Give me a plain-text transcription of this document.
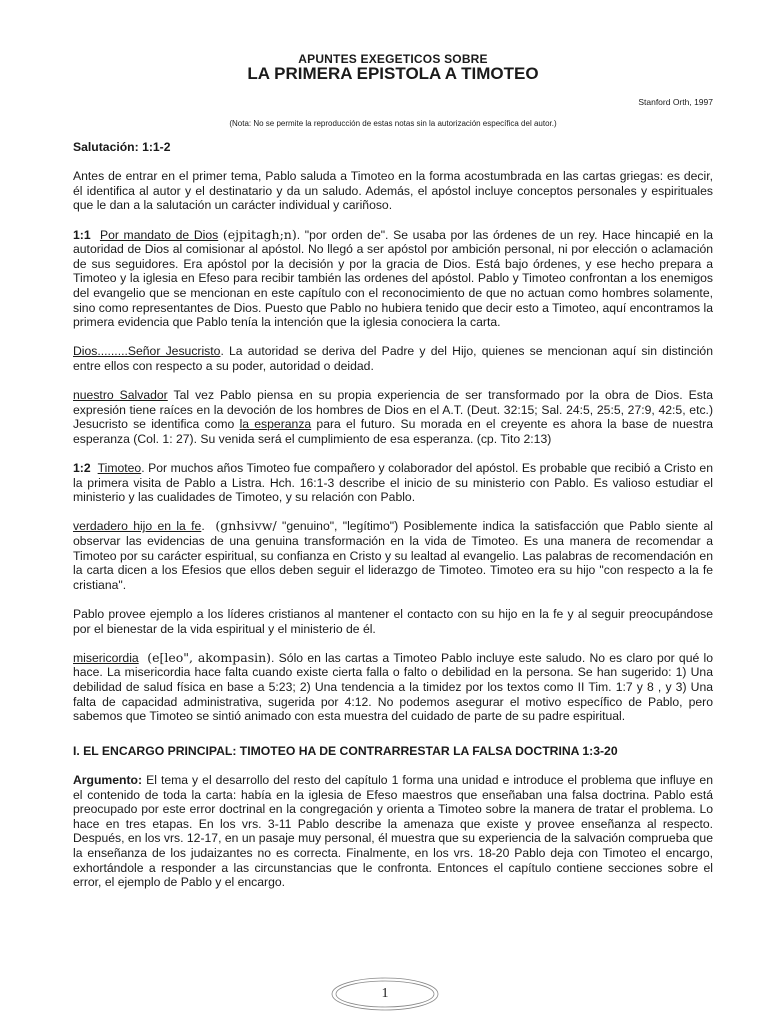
APUNTES EXEGETICOS SOBRE
LA PRIMERA EPISTOLA A TIMOTEO
Stanford Orth, 1997
(Nota: No se permite la reproducción de estas notas sin la autorización específica del autor.)

Salutación: 1:1-2

Antes de entrar en el primer tema, Pablo saluda a Timoteo en la forma acostumbrada en las cartas griegas: es decir, él identifica al autor y el destinatario y da un saludo. Además, el apóstol incluye conceptos personales y espirituales que le dan a la salutación un carácter individual y cariñoso.

1:1 Por mandato de Dios (ejpitagh;n). "por orden de". Se usaba por las órdenes de un rey. Hace hincapié en la autoridad de Dios al comisionar al apóstol. No llegó a ser apóstol por ambición personal, ni por elección o aclamación de sus seguidores. Era apóstol por la decisión y por la gracia de Dios. Está bajo órdenes, y ese hecho prepara a Timoteo y la iglesia en Efeso para recibir también las ordenes del apóstol. Pablo y Timoteo confrontan a los enemigos del evangelio que se mencionan en este capítulo con el reconocimiento de que no actuan como hombres solamente, sino como representantes de Dios. Puesto que Pablo no hubiera tenido que decir esto a Timoteo, aquí encontramos la primera evidencia que Pablo tenía la intención que la iglesia conociera la carta.

Dios.........Señor Jesucristo. La autoridad se deriva del Padre y del Hijo, quienes se mencionan aquí sin distinción entre ellos con respecto a su poder, autoridad o deidad.

nuestro Salvador Tal vez Pablo piensa en su propia experiencia de ser transformado por la obra de Dios. Esta expresión tiene raíces en la devoción de los hombres de Dios en el A.T. (Deut. 32:15; Sal. 24:5, 25:5, 27:9, 42:5, etc.) Jesucristo se identifica como la esperanza para el futuro. Su morada en el creyente es ahora la base de nuestra esperanza (Col. 1: 27). Su venida será el cumplimiento de esa esperanza. (cp. Tito 2:13)

1:2 Timoteo. Por muchos años Timoteo fue compañero y colaborador del apóstol. Es probable que recibió a Cristo en la primera visita de Pablo a Listra. Hch. 16:1-3 describe el inicio de su ministerio con Pablo. Es valioso estudiar el ministerio y las cualidades de Timoteo, y su relación con Pablo.

verdadero hijo en la fe.  (gnhsivw/ "genuino", "legítimo") Posiblemente indica la satisfacción que Pablo siente al observar las evidencias de una genuina transformación en la vida de Timoteo. Es una manera de recomendar a Timoteo por su carácter espiritual, su confianza en Cristo y su lealtad al evangelio. Las palabras de recomendación en la carta dicen a los Efesios que ellos deben seguir el liderazgo de Timoteo. Timoteo era su hijo "con respecto a la fe cristiana".

Pablo provee ejemplo a los líderes cristianos al mantener el contacto con su hijo en la fe y al seguir preocupándose por el bienestar de la vida espiritual y el ministerio de él.

misericordia (e[leo", akompasin). Sólo en las cartas a Timoteo Pablo incluye este saludo. No es claro por qué lo hace. La misericordia hace falta cuando existe cierta falla o falto o debilidad en la persona. Se han sugerido: 1) Una debilidad de salud física en base a 5:23; 2) Una tendencia a la timidez por los textos como II Tim. 1:7 y 8 , y 3) Una falta de capacidad administrativa, sugerida por 4:12. No podemos asegurar el motivo específico de Pablo, pero sabemos que Timoteo se sintió animado con esta muestra del cuidado de parte de su padre espiritual.

I. EL ENCARGO PRINCIPAL: TIMOTEO HA DE CONTRARRESTAR LA FALSA DOCTRINA 1:3-20

Argumento: El tema y el desarrollo del resto del capítulo 1 forma una unidad e introduce el problema que influye en el contenido de toda la carta: había en la iglesia de Efeso maestros que enseñaban una falsa doctrina. Pablo está preocupado por este error doctrinal en la congregación y orienta a Timoteo sobre la manera de tratar el problema. Lo hace en tres etapas. En los vrs. 3-11 Pablo describe la amenaza que existe y provee enseñanza al respecto. Después, en los vrs. 12-17, en un pasaje muy personal, él muestra que su experiencia de la salvación comprueba que la enseñanza de los judaizantes no es correcta. Finalmente, en los vrs. 18-20 Pablo deja con Timoteo el encargo, exhortándole a responder a las circunstancias que le confronta. Entonces el capítulo contiene secciones sobre el error, el ejemplo de Pablo y el encargo.

1
